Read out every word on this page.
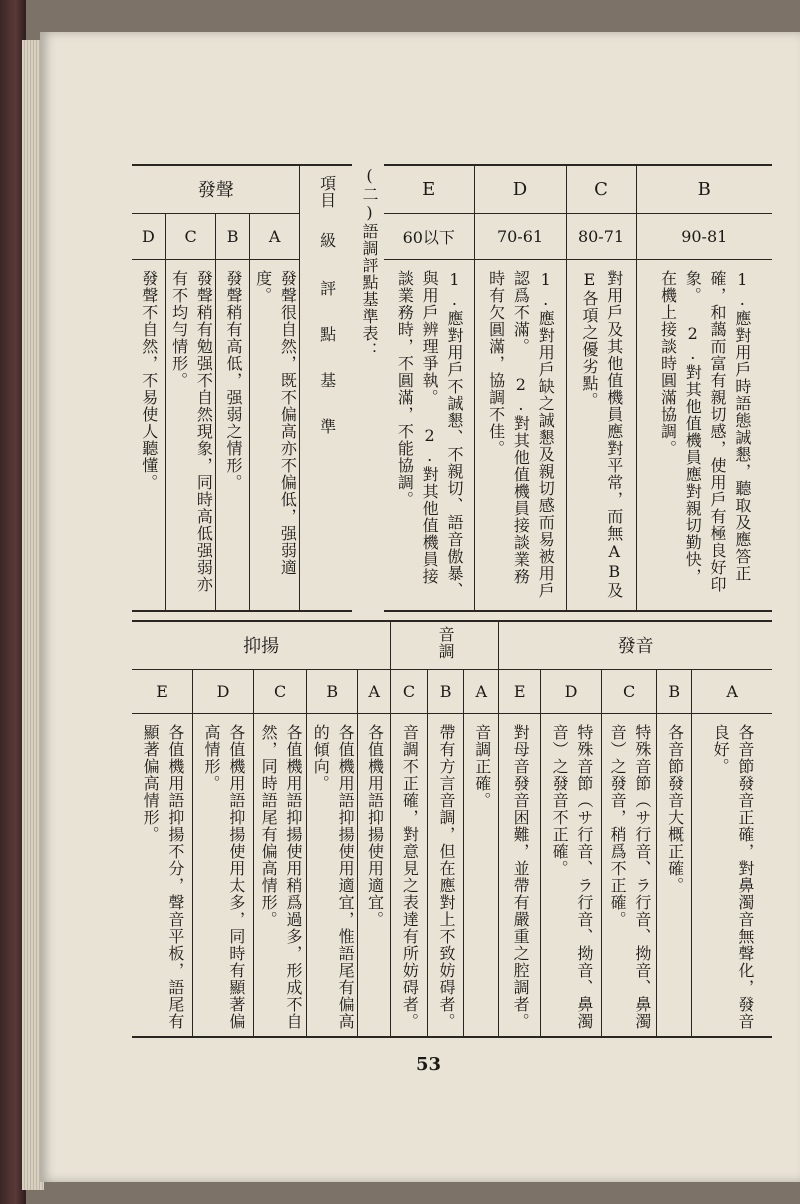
E	D	C	B
60以下	70-61	80-71	90-81

1.應對用戶不誠懇、不親切、語音傲暴、與用戶辨理爭執。 2.對其他值機員接談業務時，不圓滿，不能協調。	1.應對用戶缺之誠懇及親切感而易被用戶認爲不滿。 2.對其他值機員接談業務時有欠圓滿，協調不佳。	對用戶及其他值機員應對平常，而無AB及E各項之優劣點。	1.應對用戶時語態誠懇，聽取及應答正確，和藹而富有親切感，使用戶有極良好印象。 2.對其他值機員應對親切勤快，在機上接談時圓滿協調。
(二)語調評點基準表：
發聲				項目
級
評點基準

D	C	B	A	

發聲不自然，不易使人聽懂。	發聲稍有勉强不自然現象，同時高低强弱亦有不均勻情形。	發聲稍有高低，强弱之情形。	發聲很自然，既不偏高亦不偏低，强弱適度。	
抑揚					音調			發音				
E	D	C	B	A	C	B	A	E	D	C	B	A

各值機用語抑揚不分，聲音平板，語尾有顯著偏高情形。	各值機用語抑揚使用太多，同時有顯著偏高情形。	各值機用語抑揚使用稍爲過多，形成不自然，同時語尾有偏高情形。	各值機用語抑揚使用適宜，惟語尾有偏高的傾向。	各值機用語抑揚使用適宜。	音調不正確，對意見之表達有所妨碍者。	帶有方言音調，但在應對上不致妨碍者。	音調正確。	對母音發音困難，並帶有嚴重之腔調者。	特殊音節（サ行音、ラ行音、拗音、鼻濁音）之發音不正確。	特殊音節（サ行音、ラ行音、拗音、鼻濁音）之發音，稍爲不正確。	各音節發音大概正確。	各音節發音正確，對鼻濁音無聲化，發音良好。
53
